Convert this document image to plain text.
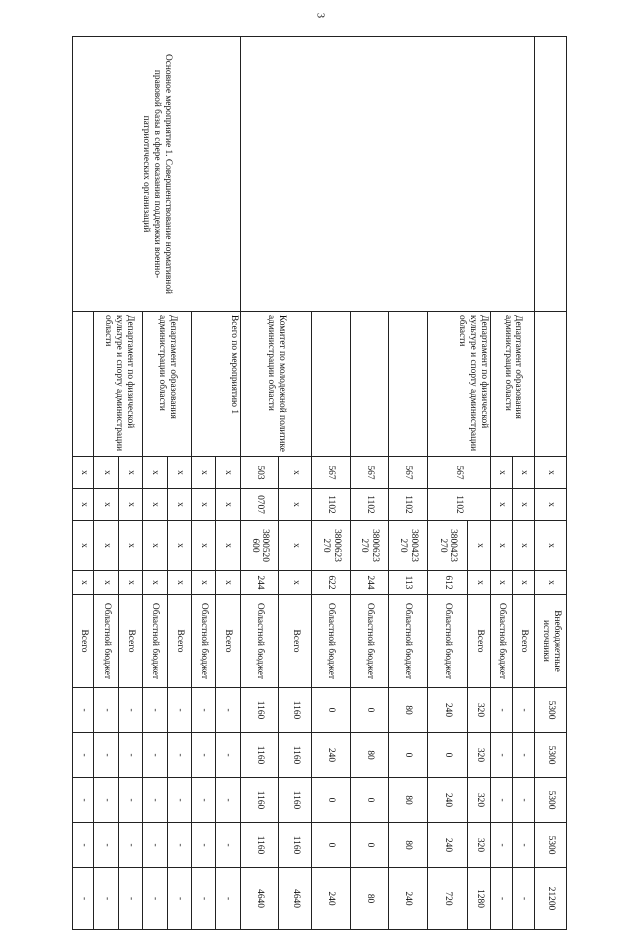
3
		х	х	х	х	Внебюджетные источники	5300	5300	5300	5300	21200
	Департамент образования администрации области	х	х	х	х	Всего	-	-	-	-	-
		х	х	х	х	Областной бюджет	-	-	-	-	-
	Департамент по физической культуре и спорту администрации области	567	1102	х	х	Всего	320	320	320	320	1280
				3800423 270	612	Областной бюджет	240	0	240	240	720
		567	1102	3800423 270	113	Областной бюджет	80	0	80	80	240
		567	1102	3800623 270	244	Областной бюджет	0	80	0	0	80
		567	1102	3800623 270	622	Областной бюджет	0	240	0	0	240
	Комитет по молодежной политике администрации области	х	х	х	х	Всего	1160	1160	1160	1160	4640
		503	0707	3800520 600	244	Областной бюджет	1160	1160	1160	1160	4640
Основное мероприятие 1. Совершенствование нормативной правовой базы в сфере оказания поддержки военно-патриотических организаций	Всего по мероприятию 1	х	х	х	х	Всего	-	-	-	-	-
		х	х	х	х	Областной бюджет	-	-	-	-	-
	Департамент образования администрации области	х	х	х	х	Всего	-	-	-	-	-
		х	х	х	х	Областной бюджет	-	-	-	-	-
	Департамент по физической культуре и спорту администрации области	х	х	х	х	Всего	-	-	-	-	-
		х	х	х	х	Областной бюджет	-	-	-	-	-
		х	х	х	х	Всего	-	-	-	-	-
